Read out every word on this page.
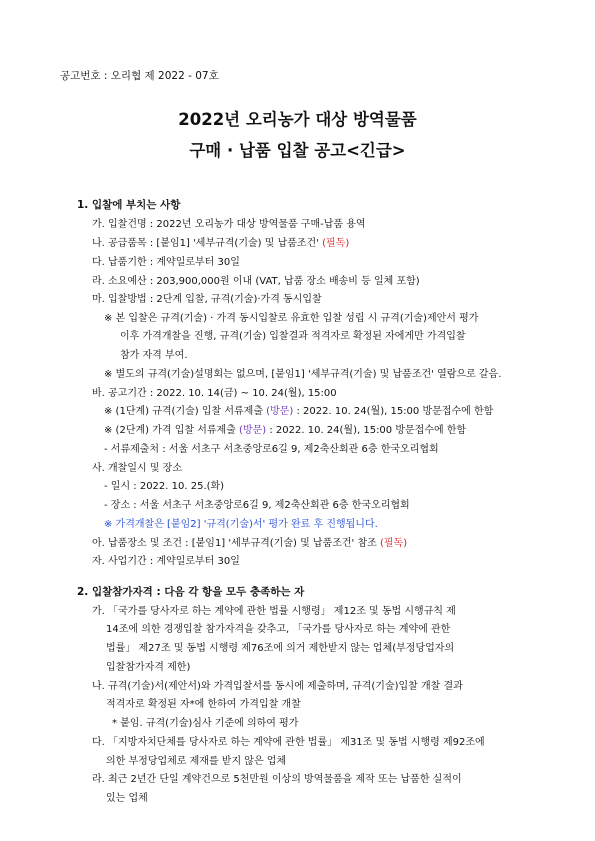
공고번호 : 오리협 제 2022 - 07호
2022년 오리농가 대상 방역물품
구매 · 납품 입찰 공고<긴급>
1. 입찰에 부치는 사항
가. 입찰건명 : 2022년 오리농가 대상 방역물품 구매-납품 용역
나. 공급품목 : [붙임1] '세부규격(기술) 및 납품조건' (필독)
다. 납품기한 : 계약일로부터 30일
라. 소요예산 : 203,900,000원 이내 (VAT, 납품 장소 배송비 등 일체 포함)
마. 입찰방법 : 2단계 입찰, 규격(기술)·가격 동시입찰
※ 본 입찰은 규격(기술) · 가격 동시입찰로 유효한 입찰 성립 시 규격(기술)제안서 평가
이후 가격개찰을 진행, 규격(기술) 입찰결과 적격자로 확정된 자에게만 가격입찰
참가 자격 부여.
※ 별도의 규격(기술)설명회는 없으며, [붙임1] '세부규격(기술) 및 납품조건' 열람으로 갈음.
바. 공고기간 : 2022. 10. 14(금) ~ 10. 24(월), 15:00
※ (1단계) 규격(기술) 입찰 서류제출 (방문) : 2022. 10. 24(월), 15:00 방문접수에 한함
※ (2단계) 가격 입찰 서류제출 (방문) : 2022. 10. 24(월), 15:00 방문접수에 한함
- 서류제출처 : 서울 서초구 서초중앙로6길 9, 제2축산회관 6층 한국오리협회
사. 개찰일시 및 장소
- 일시 : 2022. 10. 25.(화)
- 장소 : 서울 서초구 서초중앙로6길 9, 제2축산회관 6층 한국오리협회
※ 가격개찰은 [붙임2] '규격(기술)서' 평가 완료 후 진행됩니다.
아. 납품장소 및 조건 : [붙임1] '세부규격(기술) 및 납품조건' 참조 (필독)
자. 사업기간 : 계약일로부터 30일
2. 입찰참가자격 : 다음 각 항을 모두 충족하는 자
가. 「국가를 당사자로 하는 계약에 관한 법률 시행령」 제12조 및 동법 시행규칙 제
14조에 의한 경쟁입찰 참가자격을 갖추고, 「국가를 당사자로 하는 계약에 관한
법률」 제27조 및 동법 시행령 제76조에 의거 제한받지 않는 업체(부정당업자의
입찰참가자격 제한)
나. 규격(기술)서(제안서)와 가격입찰서를 동시에 제출하며, 규격(기술)입찰 개찰 결과
적격자로 확정된 자*에 한하여 가격입찰 개찰
* 붙임. 규격(기술)심사 기준에 의하여 평가
다. 「지방자치단체를 당사자로 하는 계약에 관한 법률」 제31조 및 동법 시행령 제92조에
의한 부정당업체로 제재를 받지 않은 업체
라. 최근 2년간 단일 계약건으로 5천만원 이상의 방역물품을 제작 또는 납품한 실적이
있는 업체
